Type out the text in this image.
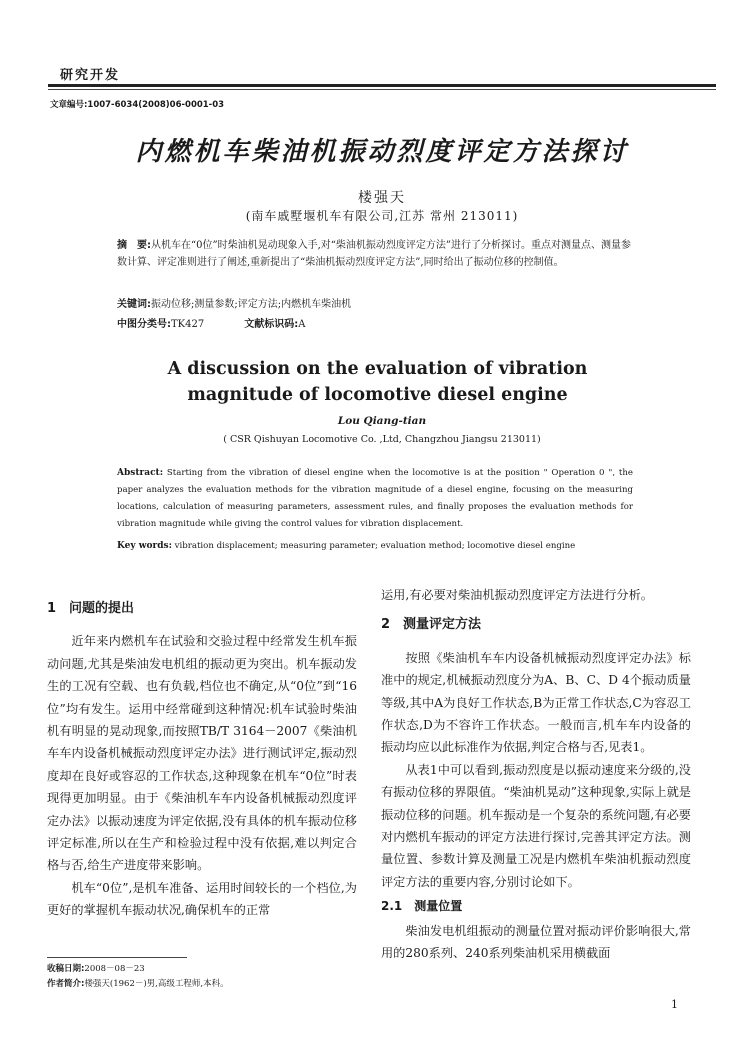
研究开发
文章编号:1007-6034(2008)06-0001-03
内燃机车柴油机振动烈度评定方法探讨
楼强天
(南车戚墅堰机车有限公司,江苏 常州 213011)
摘　要:从机车在“0位”时柴油机晃动现象入手,对“柴油机振动烈度评定方法”进行了分析探讨。重点对测量点、测量参数计算、评定准则进行了阐述,重新提出了“柴油机振动烈度评定方法”,同时给出了振动位移的控制值。
关键词:振动位移;测量参数;评定方法;内燃机车柴油机
中图分类号:TK427	文献标识码:A
A discussion on the evaluation of vibration magnitude of locomotive diesel engine
Lou Qiang-tian
( CSR Qishuyan Locomotive Co. ,Ltd, Changzhou Jiangsu 213011)
Abstract: Starting from the vibration of diesel engine when the locomotive is at the position " Operation 0 ", the paper analyzes the evaluation methods for the vibration magnitude of a diesel engine, focusing on the measuring locations, calculation of measuring parameters, assessment rules, and finally proposes the evaluation methods for vibration magnitude while giving the control values for vibration displacement.
Key words: vibration displacement; measuring parameter; evaluation method; locomotive diesel engine

1　问题的提出

近年来内燃机车在试验和交验过程中经常发生机车振动问题,尤其是柴油发电机组的振动更为突出。机车振动发生的工况有空载、也有负载,档位也不确定,从“0位”到“16位”均有发生。运用中经常碰到这种情况:机车试验时柴油机有明显的晃动现象,而按照TB/T 3164－2007《柴油机车车内设备机械振动烈度评定办法》进行测试评定,振动烈度却在良好或容忍的工作状态,这种现象在机车“0位”时表现得更加明显。由于《柴油机车车内设备机械振动烈度评定办法》以振动速度为评定依据,没有具体的机车振动位移评定标准,所以在生产和检验过程中没有依据,难以判定合格与否,给生产进度带来影响。

机车“0位”,是机车准备、运用时间较长的一个档位,为更好的掌握机车振动状况,确保机车的正常

运用,有必要对柴油机振动烈度评定方法进行分析。

2　测量评定方法

按照《柴油机车车内设备机械振动烈度评定办法》标准中的规定,机械振动烈度分为A、B、C、D 4个振动质量等级,其中A为良好工作状态,B为正常工作状态,C为容忍工作状态,D为不容许工作状态。一般而言,机车车内设备的振动均应以此标准作为依据,判定合格与否,见表1。

从表1中可以看到,振动烈度是以振动速度来分级的,没有振动位移的界限值。“柴油机晃动”这种现象,实际上就是振动位移的问题。机车振动是一个复杂的系统问题,有必要对内燃机车振动的评定方法进行探讨,完善其评定方法。测量位置、参数计算及测量工况是内燃机车柴油机振动烈度评定方法的重要内容,分别讨论如下。

2.1　测量位置

柴油发电机组振动的测量位置对振动评价影响很大,常用的280系列、240系列柴油机采用横截面

收稿日期:2008－08－23
作者简介:楼强天(1962－)男,高级工程师,本科。
1
